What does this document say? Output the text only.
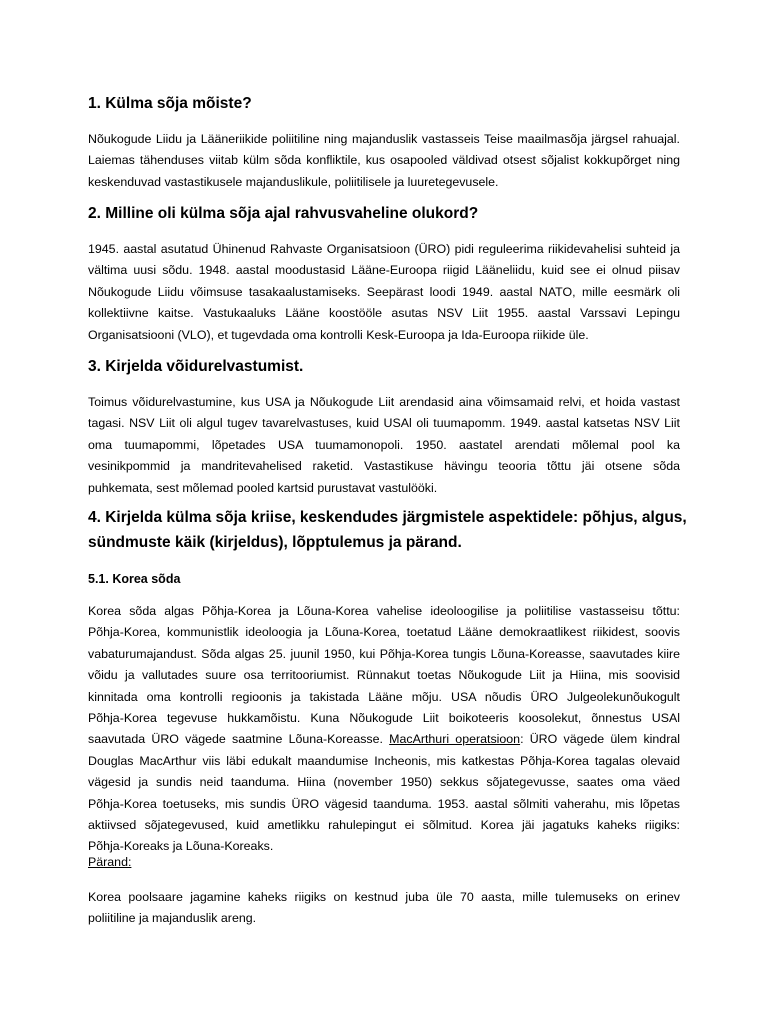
1. Külma sõja mõiste?
Nõukogude Liidu ja Lääneriikide poliitiline ning majanduslik vastasseis Teise maailmasõja järgsel rahuajal.
Laiemas tähenduses viitab külm sõda konfliktile, kus osapooled väldivad otsest sõjalist kokkupõrget ning
keskenduvad vastastikusele majanduslikule, poliitilisele ja luuretegevusele.
2. Milline oli külma sõja ajal rahvusvaheline olukord?
1945. aastal asutatud Ühinenud Rahvaste Organisatsioon (ÜRO) pidi reguleerima riikidevahelisi suhteid ja
vältima uusi sõdu. 1948. aastal moodustasid Lääne-Euroopa riigid Lääneliidu, kuid see ei olnud piisav
Nõukogude Liidu võimsuse tasakaalustamiseks. Seepärast loodi 1949. aastal NATO, mille eesmärk oli
kollektiivne kaitse. Vastukaaluks Lääne koostööle asutas NSV Liit 1955. aastal Varssavi Lepingu
Organisatsiooni (VLO), et tugevdada oma kontrolli Kesk-Euroopa ja Ida-Euroopa riikide üle.
3. Kirjelda võidurelvastumist.
Toimus võidurelvastumine, kus USA ja Nõukogude Liit arendasid aina võimsamaid relvi, et hoida vastast
tagasi. NSV Liit oli algul tugev tavarelvastuses, kuid USAl oli tuumapomm. 1949. aastal katsetas NSV Liit
oma tuumapommi, lõpetades USA tuumamonopoli. 1950. aastatel arendati mõlemal pool ka
vesinikpommid ja mandritevahelised raketid. Vastastikuse hävingu teooria tõttu jäi otsene sõda
puhkemata, sest mõlemad pooled kartsid purustavat vastulööki.
4. Kirjelda külma sõja kriise, keskendudes järgmistele aspektidele: põhjus, algus,
sündmuste käik (kirjeldus), lõpptulemus ja pärand.
5.1. Korea sõda
Korea sõda algas Põhja-Korea ja Lõuna-Korea vahelise ideoloogilise ja poliitilise vastasseisu tõttu:
Põhja-Korea, kommunistlik ideoloogia ja Lõuna-Korea, toetatud Lääne demokraatlikest riikidest, soovis
vabaturumajandust. Sõda algas 25. juunil 1950, kui Põhja-Korea tungis Lõuna-Koreasse, saavutades kiire
võidu ja vallutades suure osa territooriumist. Rünnakut toetas Nõukogude Liit ja Hiina, mis soovisid
kinnitada oma kontrolli regioonis ja takistada Lääne mõju. USA nõudis ÜRO Julgeolekunõukogult
Põhja-Korea tegevuse hukkamõistu. Kuna Nõukogude Liit boikoteeris koosolekut, õnnestus USAl
saavutada ÜRO vägede saatmine Lõuna-Koreasse. MacArthuri operatsioon: ÜRO vägede ülem kindral
Douglas MacArthur viis läbi edukalt maandumise Incheonis, mis katkestas Põhja-Korea tagalas olevaid
vägesid ja sundis neid taanduma. Hiina (november 1950) sekkus sõjategevusse, saates oma väed
Põhja-Korea toetuseks, mis sundis ÜRO vägesid taanduma. 1953. aastal sõlmiti vaherahu, mis lõpetas
aktiivsed sõjategevused, kuid ametlikku rahulepingut ei sõlmitud. Korea jäi jagatuks kaheks riigiks:
Põhja-Koreaks ja Lõuna-Koreaks.
Pärand:
Korea poolsaare jagamine kaheks riigiks on kestnud juba üle 70 aasta, mille tulemuseks on erinev
poliitiline ja majanduslik areng.
